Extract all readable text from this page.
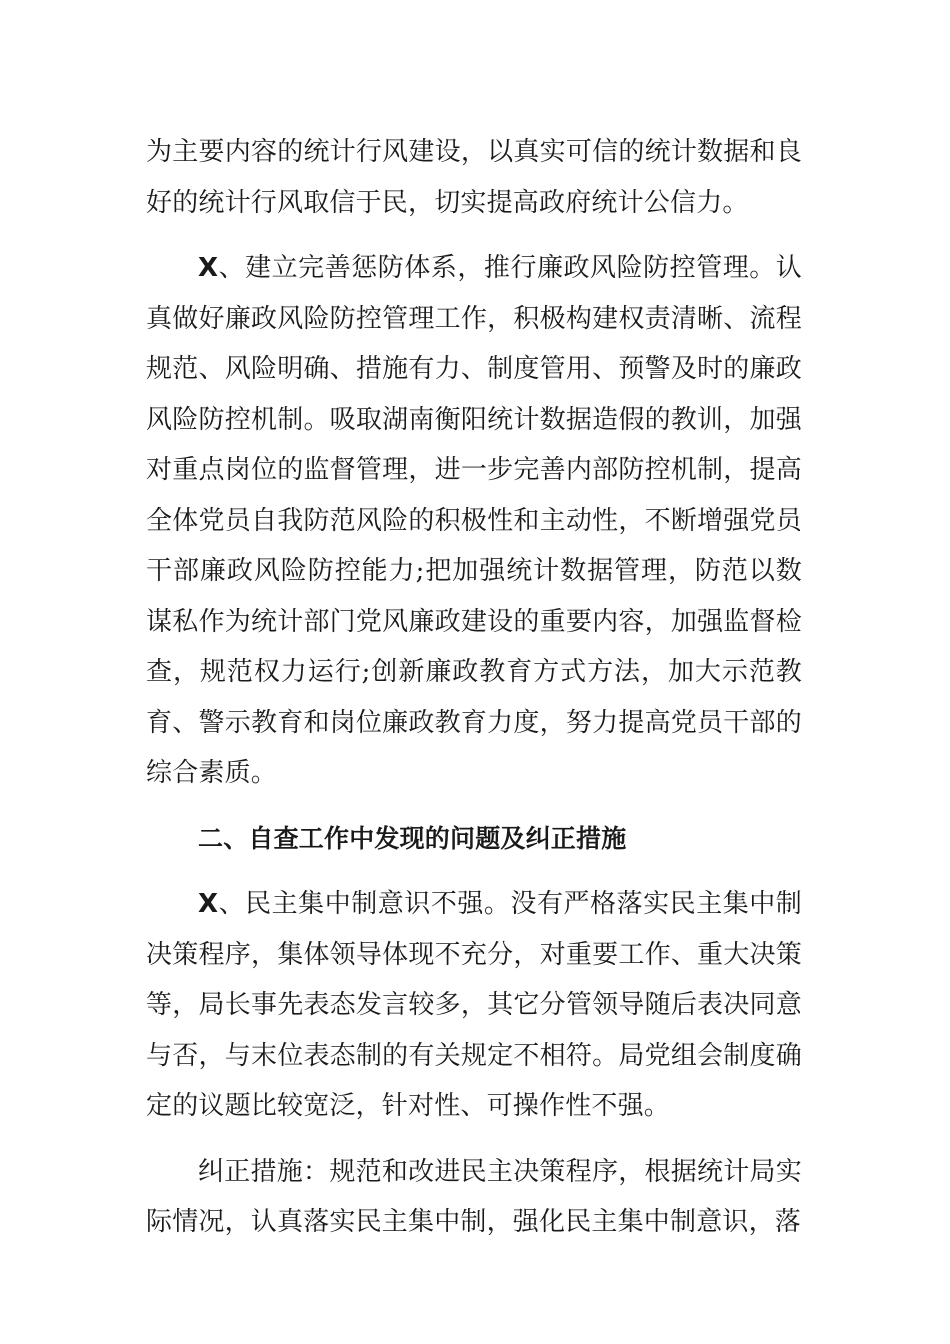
为主要内容的统计行风建设，以真实可信的统计数据和良好的统计行风取信于民，切实提高政府统计公信力。

X、建立完善惩防体系，推行廉政风险防控管理。认真做好廉政风险防控管理工作，积极构建权责清晰、流程规范、风险明确、措施有力、制度管用、预警及时的廉政风险防控机制。吸取湖南衡阳统计数据造假的教训，加强对重点岗位的监督管理，进一步完善内部防控机制，提高全体党员自我防范风险的积极性和主动性，不断增强党员干部廉政风险防控能力;把加强统计数据管理，防范以数谋私作为统计部门党风廉政建设的重要内容，加强监督检查，规范权力运行;创新廉政教育方式方法，加大示范教育、警示教育和岗位廉政教育力度，努力提高党员干部的综合素质。

二、自查工作中发现的问题及纠正措施

X、民主集中制意识不强。没有严格落实民主集中制决策程序，集体领导体现不充分，对重要工作、重大决策等，局长事先表态发言较多，其它分管领导随后表决同意与否，与末位表态制的有关规定不相符。局党组会制度确定的议题比较宽泛，针对性、可操作性不强。

纠正措施：规范和改进民主决策程序，根据统计局实际情况，认真落实民主集中制，强化民主集中制意识，落
